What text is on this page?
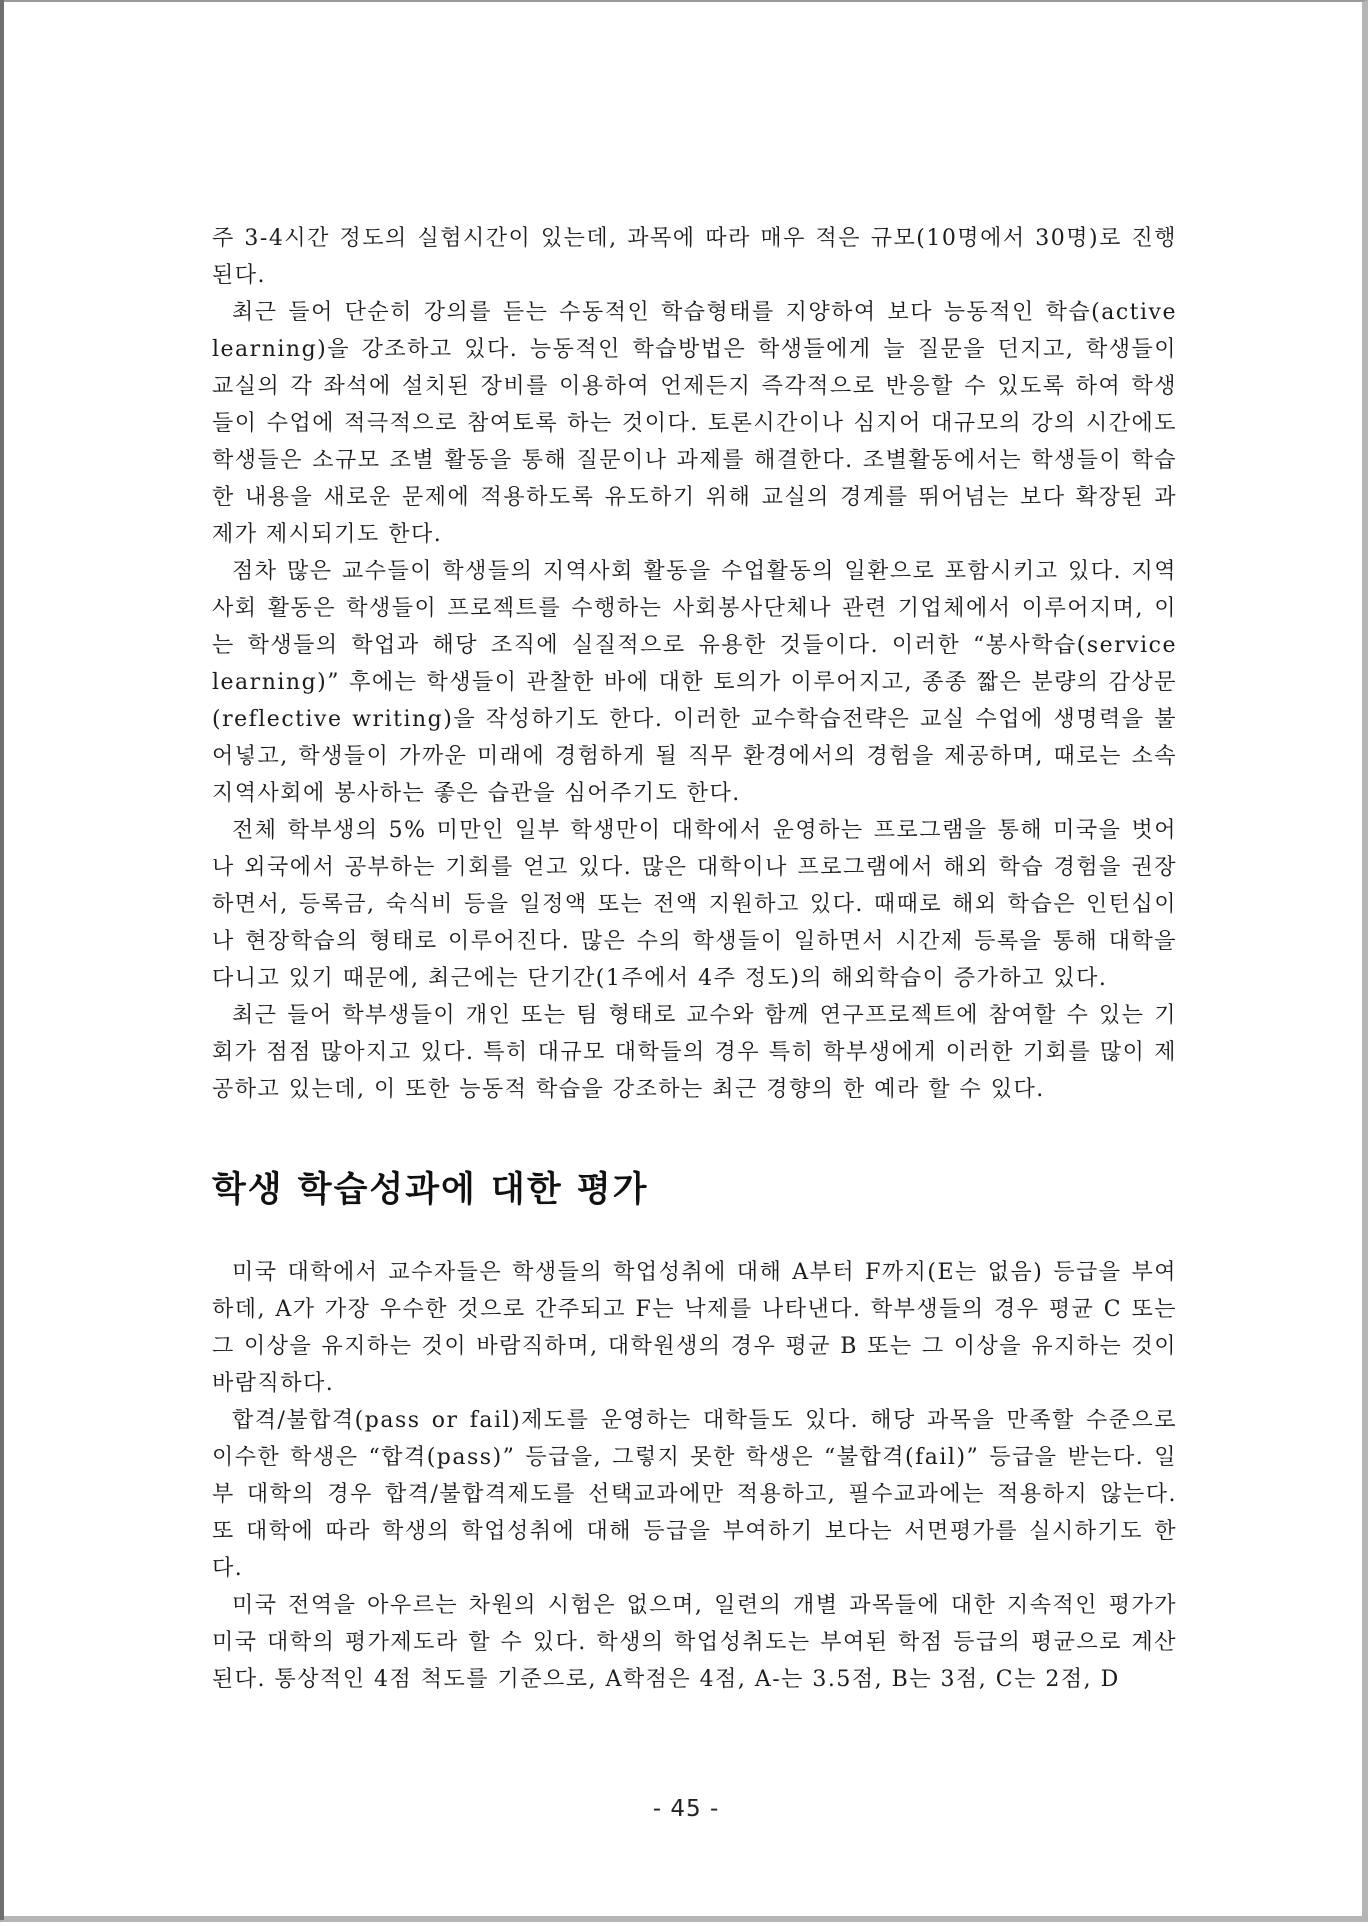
주 3-4시간 정도의 실험시간이 있는데, 과목에 따라 매우 적은 규모(10명에서 30명)로 진행된다.

최근 들어 단순히 강의를 듣는 수동적인 학습형태를 지양하여 보다 능동적인 학습(active learning)을 강조하고 있다. 능동적인 학습방법은 학생들에게 늘 질문을 던지고, 학생들이 교실의 각 좌석에 설치된 장비를 이용하여 언제든지 즉각적으로 반응할 수 있도록 하여 학생들이 수업에 적극적으로 참여토록 하는 것이다. 토론시간이나 심지어 대규모의 강의 시간에도 학생들은 소규모 조별 활동을 통해 질문이나 과제를 해결한다. 조별활동에서는 학생들이 학습한 내용을 새로운 문제에 적용하도록 유도하기 위해 교실의 경계를 뛰어넘는 보다 확장된 과제가 제시되기도 한다.

점차 많은 교수들이 학생들의 지역사회 활동을 수업활동의 일환으로 포함시키고 있다. 지역사회 활동은 학생들이 프로젝트를 수행하는 사회봉사단체나 관련 기업체에서 이루어지며, 이는 학생들의 학업과 해당 조직에 실질적으로 유용한 것들이다. 이러한 “봉사학습(service learning)” 후에는 학생들이 관찰한 바에 대한 토의가 이루어지고, 종종 짧은 분량의 감상문(reflective writing)을 작성하기도 한다. 이러한 교수학습전략은 교실 수업에 생명력을 불어넣고, 학생들이 가까운 미래에 경험하게 될 직무 환경에서의 경험을 제공하며, 때로는 소속 지역사회에 봉사하는 좋은 습관을 심어주기도 한다.

전체 학부생의 5% 미만인 일부 학생만이 대학에서 운영하는 프로그램을 통해 미국을 벗어나 외국에서 공부하는 기회를 얻고 있다. 많은 대학이나 프로그램에서 해외 학습 경험을 권장하면서, 등록금, 숙식비 등을 일정액 또는 전액 지원하고 있다. 때때로 해외 학습은 인턴십이나 현장학습의 형태로 이루어진다. 많은 수의 학생들이 일하면서 시간제 등록을 통해 대학을 다니고 있기 때문에, 최근에는 단기간(1주에서 4주 정도)의 해외학습이 증가하고 있다.

최근 들어 학부생들이 개인 또는 팀 형태로 교수와 함께 연구프로젝트에 참여할 수 있는 기회가 점점 많아지고 있다. 특히 대규모 대학들의 경우 특히 학부생에게 이러한 기회를 많이 제공하고 있는데, 이 또한 능동적 학습을 강조하는 최근 경향의 한 예라 할 수 있다.

학생 학습성과에 대한 평가

미국 대학에서 교수자들은 학생들의 학업성취에 대해 A부터 F까지(E는 없음) 등급을 부여하데, A가 가장 우수한 것으로 간주되고 F는 낙제를 나타낸다. 학부생들의 경우 평균 C 또는 그 이상을 유지하는 것이 바람직하며, 대학원생의 경우 평균 B 또는 그 이상을 유지하는 것이 바람직하다.

합격/불합격(pass or fail)제도를 운영하는 대학들도 있다. 해당 과목을 만족할 수준으로 이수한 학생은 “합격(pass)” 등급을, 그렇지 못한 학생은 “불합격(fail)” 등급을 받는다. 일부 대학의 경우 합격/불합격제도를 선택교과에만 적용하고, 필수교과에는 적용하지 않는다. 또 대학에 따라 학생의 학업성취에 대해 등급을 부여하기 보다는 서면평가를 실시하기도 한다.

미국 전역을 아우르는 차원의 시험은 없으며, 일련의 개별 과목들에 대한 지속적인 평가가 미국 대학의 평가제도라 할 수 있다. 학생의 학업성취도는 부여된 학점 등급의 평균으로 계산된다. 통상적인 4점 척도를 기준으로, A학점은 4점, A-는 3.5점, B는 3점, C는 2점, D

- 45 -
